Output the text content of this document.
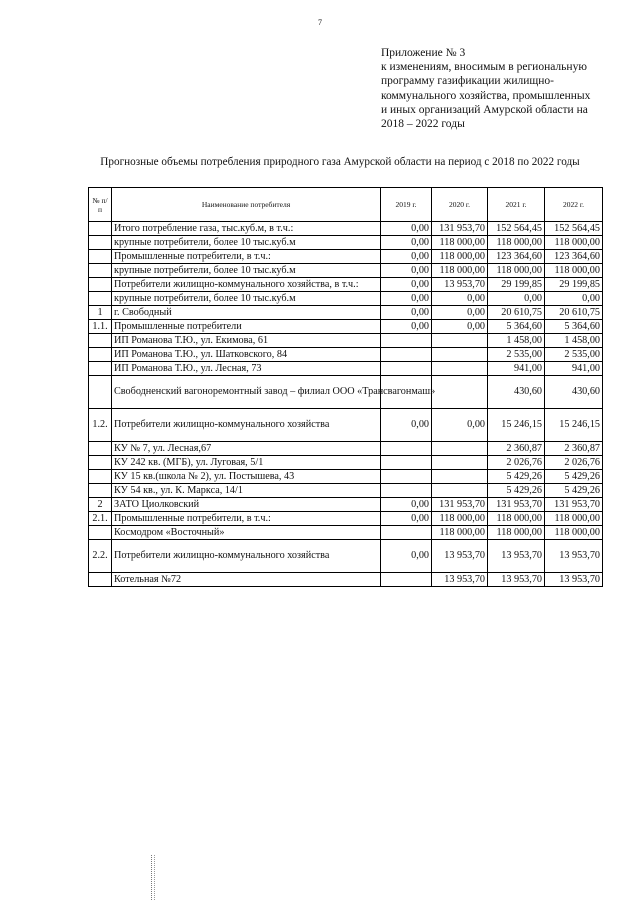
7
Приложение № 3
к изменениям, вносимым в региональную
программу газификации жилищно-
коммунального хозяйства, промышленных
и иных организаций Амурской области на
2018 – 2022 годы
Прогнозные объемы потребления природного газа Амурской области на период с 2018 по 2022 годы
№ п/п	Наименование потребителя	2019 г.	2020 г.	2021 г.	2022 г.
	Итого потребление газа, тыс.куб.м, в т.ч.:	0,00	131 953,70	152 564,45	152 564,45
	крупные потребители, более 10 тыс.куб.м	0,00	118 000,00	118 000,00	118 000,00
	Промышленные потребители, в т.ч.:	0,00	118 000,00	123 364,60	123 364,60
	крупные потребители, более 10 тыс.куб.м	0,00	118 000,00	118 000,00	118 000,00
	Потребители жилищно-коммунального хозяйства, в т.ч.:	0,00	13 953,70	29 199,85	29 199,85
	крупные потребители, более 10 тыс.куб.м	0,00	0,00	0,00	0,00
1	г. Свободный	0,00	0,00	20 610,75	20 610,75
1.1.	Промышленные потребители	0,00	0,00	5 364,60	5 364,60
	ИП Романова Т.Ю., ул. Екимова, 61			1 458,00	1 458,00
	ИП Романова Т.Ю., ул. Шатковского, 84			2 535,00	2 535,00
	ИП Романова Т.Ю., ул. Лесная, 73			941,00	941,00
	Свободненский вагоноремонтный завод – филиал ООО «Трансвагонмаш»			430,60	430,60
1.2.	Потребители жилищно-коммунального хозяйства	0,00	0,00	15 246,15	15 246,15
	КУ № 7, ул. Лесная,67			2 360,87	2 360,87
	КУ 242 кв. (МГБ), ул. Луговая, 5/1			2 026,76	2 026,76
	КУ 15 кв.(школа № 2), ул. Постышева, 43			5 429,26	5 429,26
	КУ 54 кв., ул. К. Маркса, 14/1			5 429,26	5 429,26
2	ЗАТО Циолковский	0,00	131 953,70	131 953,70	131 953,70
2.1.	Промышленные потребители, в т.ч.:	0,00	118 000,00	118 000,00	118 000,00
	Космодром «Восточный»		118 000,00	118 000,00	118 000,00
2.2.	Потребители жилищно-коммунального хозяйства	0,00	13 953,70	13 953,70	13 953,70
	Котельная №72		13 953,70	13 953,70	13 953,70
